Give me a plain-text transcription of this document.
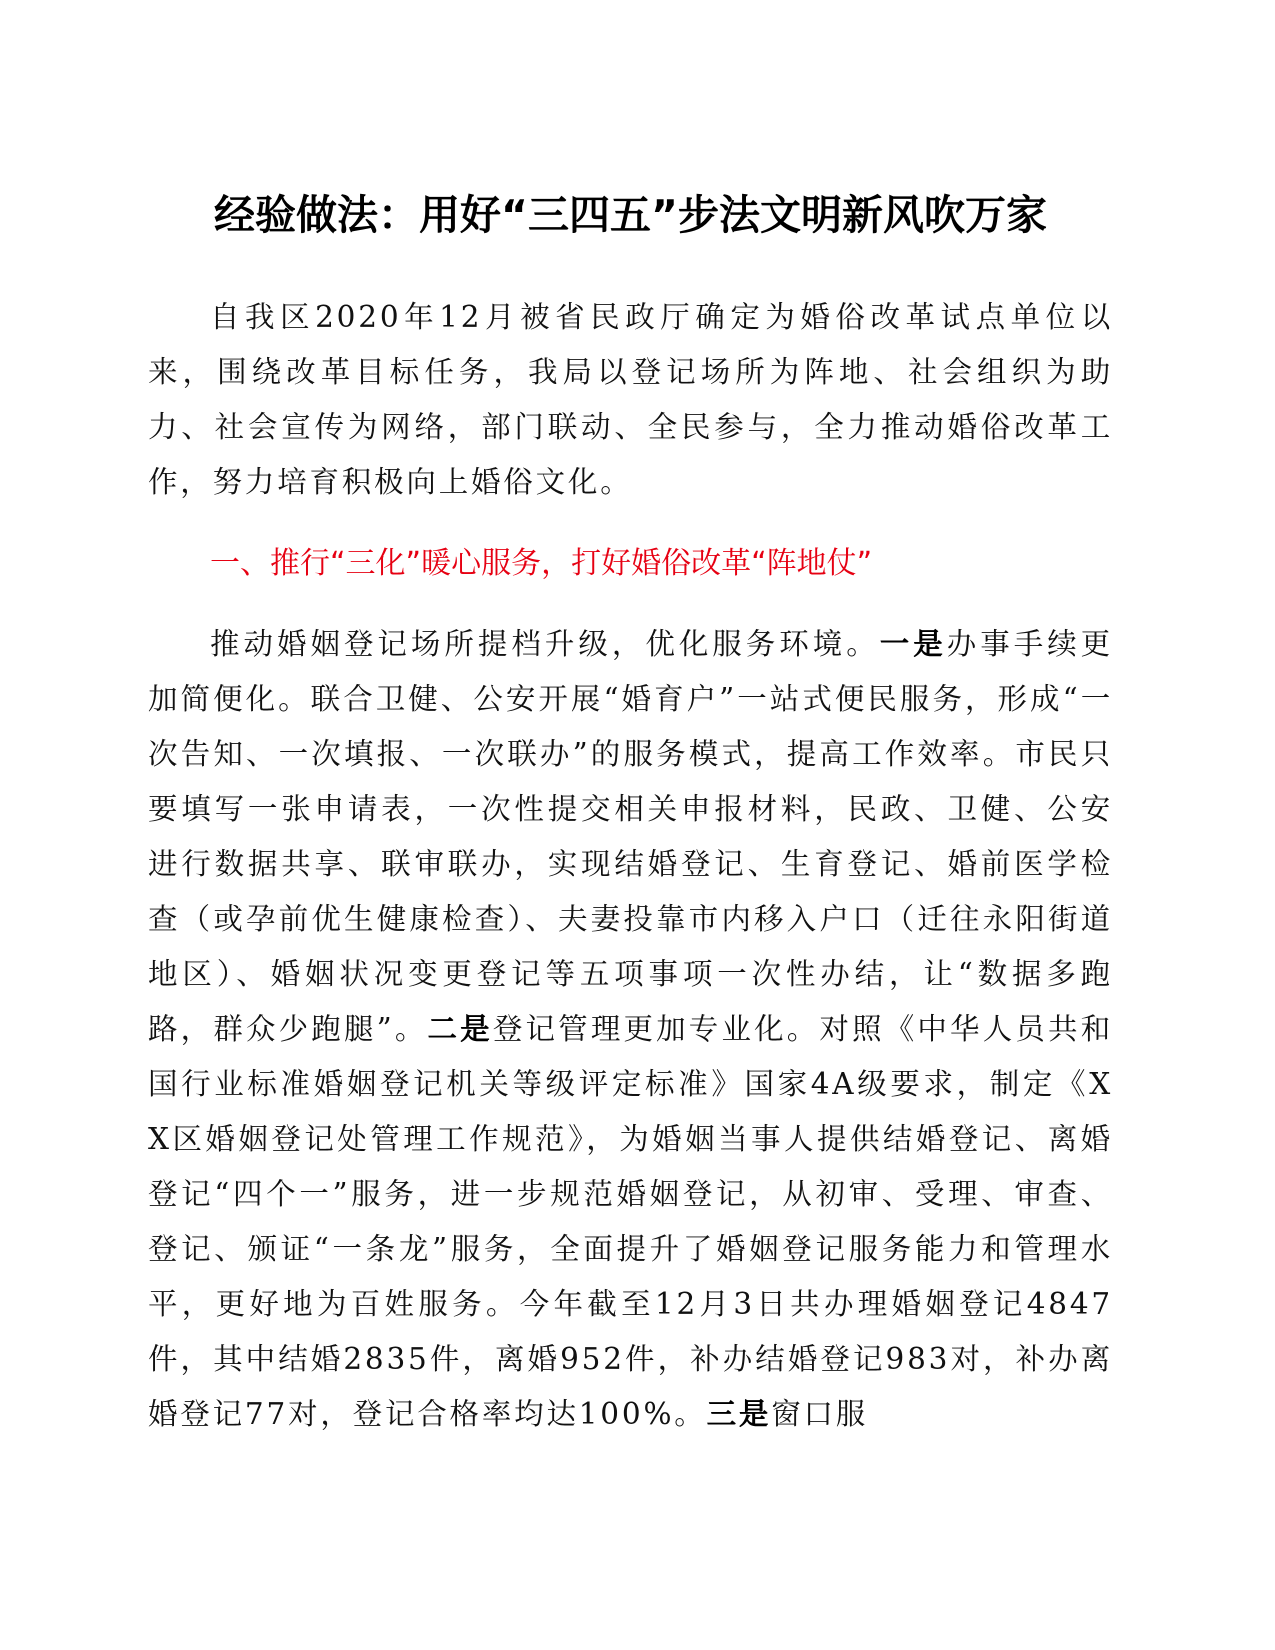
经验做法：用好“三四五”步法文明新风吹万家

自我区2020年12月被省民政厅确定为婚俗改革试点单位以来，围绕改革目标任务，我局以登记场所为阵地、社会组织为助力、社会宣传为网络，部门联动、全民参与，全力推动婚俗改革工作，努力培育积极向上婚俗文化。

一、推行“三化”暖心服务，打好婚俗改革“阵地仗”

推动婚姻登记场所提档升级，优化服务环境。一是办事手续更加简便化。联合卫健、公安开展“婚育户”一站式便民服务，形成“一次告知、一次填报、一次联办”的服务模式，提高工作效率。市民只要填写一张申请表，一次性提交相关申报材料，民政、卫健、公安进行数据共享、联审联办，实现结婚登记、生育登记、婚前医学检查（或孕前优生健康检查）、夫妻投靠市内移入户口（迁往永阳街道地区）、婚姻状况变更登记等五项事项一次性办结，让“数据多跑路，群众少跑腿”。二是登记管理更加专业化。对照《中华人员共和国行业标准婚姻登记机关等级评定标准》国家4A级要求，制定《XX区婚姻登记处管理工作规范》，为婚姻当事人提供结婚登记、离婚登记“四个一”服务，进一步规范婚姻登记，从初审、受理、审查、登记、颁证“一条龙”服务，全面提升了婚姻登记服务能力和管理水平，更好地为百姓服务。今年截至12月3日共办理婚姻登记4847件，其中结婚2835件，离婚952件，补办结婚登记983对，补办离婚登记77对，登记合格率均达100%。三是窗口服
